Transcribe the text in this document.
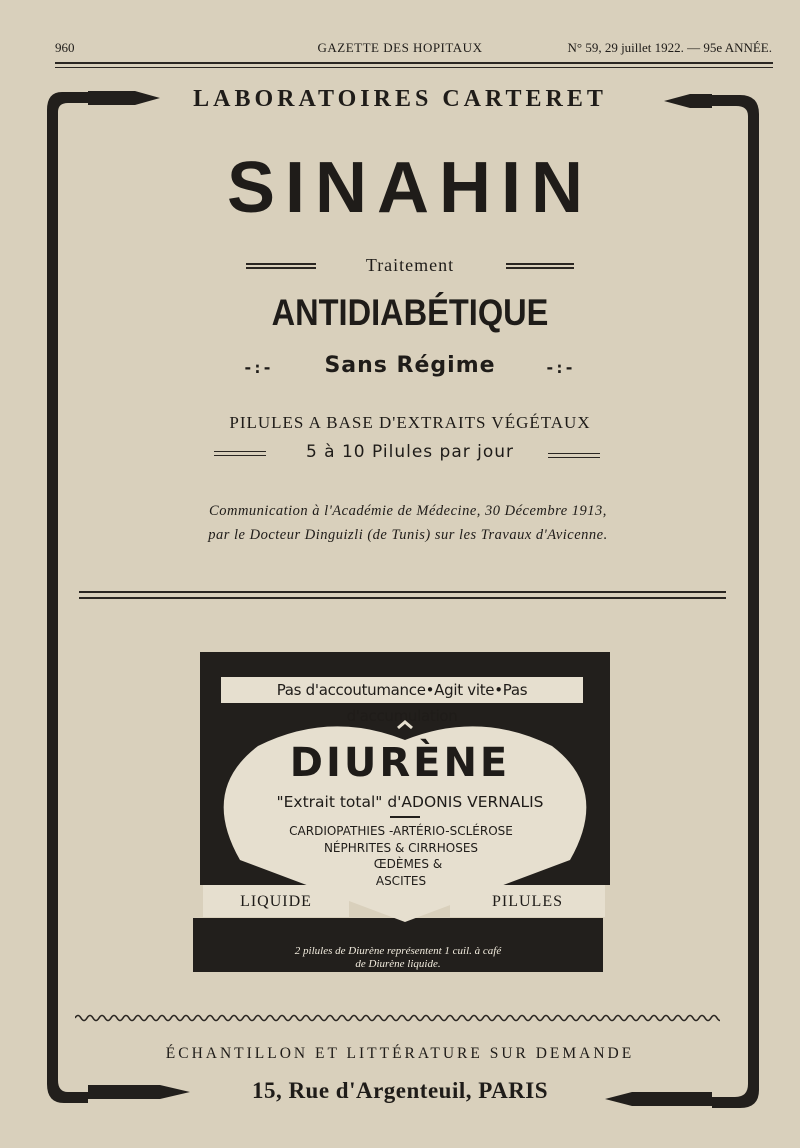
960	GAZETTE DES HOPITAUX	N° 59, 29 juillet 1922. — 95e ANNÉE.
LABORATOIRES CARTERET
SINAHIN
Traitement
ANTIDIABÉTIQUE
-:-	Sans Régime	-:-
PILULES A BASE D'EXTRAITS VÉGÉTAUX
5 à 10 Pilules par jour
Communication à l'Académie de Médecine, 30 Décembre 1913,
par le Docteur Dinguizli (de Tunis) sur les Travaux d'Avicenne.
Pas d'accoutumance•Agit vite•Pas d'accumulation
LIQUIDE	PILULES
DIURÈNE
"Extrait total" d'ADONIS VERNALIS
CARDIOPATHIES -ARTÉRIO-SCLÉROSE
NÉPHRITES & CIRRHOSES
ŒDÈMES &
ASCITES
2 pilules de Diurène représentent 1 cuil. à café
de Diurène liquide.
ÉCHANTILLON ET LITTÉRATURE SUR DEMANDE
15, Rue d'Argenteuil, PARIS
